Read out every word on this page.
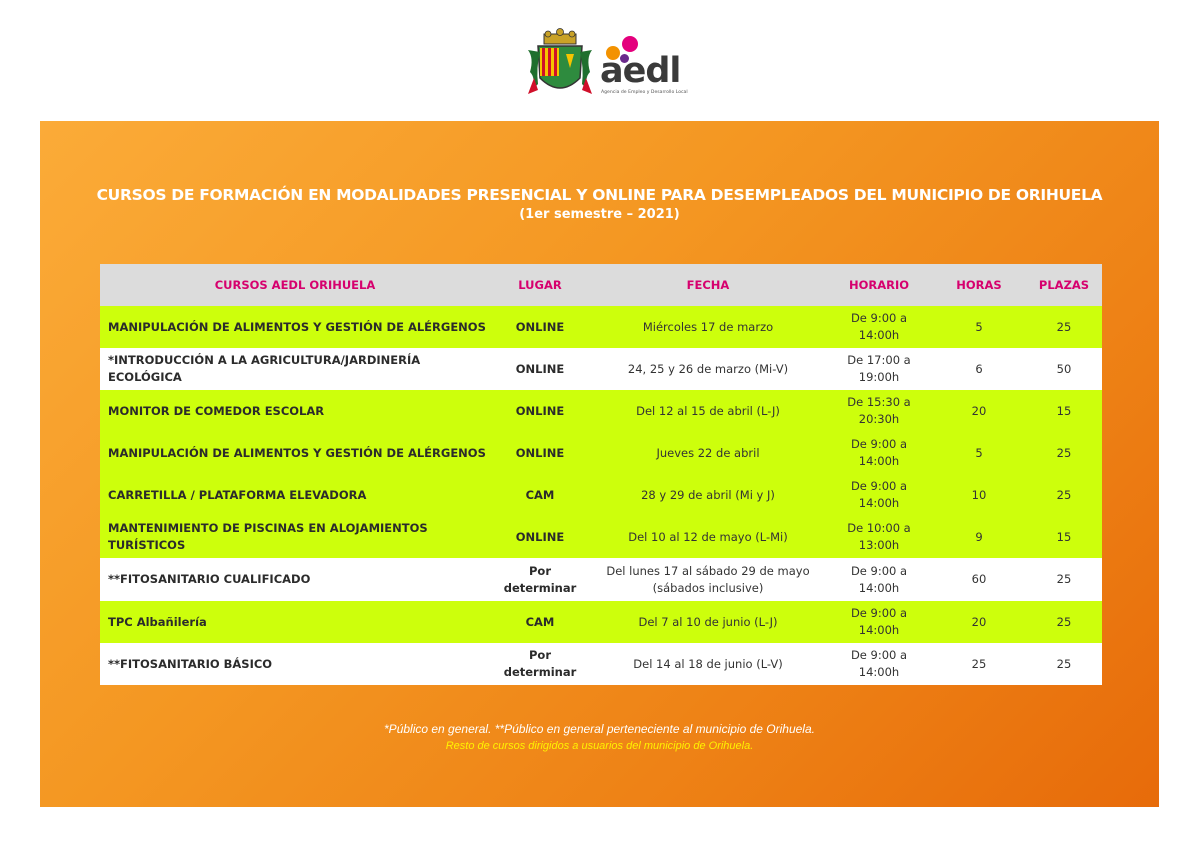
aedl
Agencia de Empleo y Desarrollo Local
CURSOS DE FORMACIÓN EN MODALIDADES PRESENCIAL Y ONLINE PARA DESEMPLEADOS DEL MUNICIPIO DE ORIHUELA
(1er semestre – 2021)
CURSOS AEDL ORIHUELA	LUGAR	FECHA	HORARIO	HORAS	PLAZAS
MANIPULACIÓN DE ALIMENTOS Y GESTIÓN DE ALÉRGENOS	ONLINE	Miércoles 17 de marzo	De 9:00 a 14:00h	5	25
*INTRODUCCIÓN A LA AGRICULTURA/JARDINERÍA ECOLÓGICA	ONLINE	24, 25 y 26 de marzo (Mi-V)	De 17:00 a 19:00h	6	50
MONITOR DE COMEDOR ESCOLAR	ONLINE	Del 12 al 15 de abril (L-J)	De 15:30 a 20:30h	20	15
MANIPULACIÓN DE ALIMENTOS Y GESTIÓN DE ALÉRGENOS	ONLINE	Jueves 22 de abril	De 9:00 a 14:00h	5	25
CARRETILLA / PLATAFORMA ELEVADORA	CAM	28 y 29 de abril (Mi y J)	De 9:00 a 14:00h	10	25
MANTENIMIENTO DE PISCINAS EN ALOJAMIENTOS TURÍSTICOS	ONLINE	Del 10 al 12 de mayo (L-Mi)	De 10:00 a 13:00h	9	15
**FITOSANITARIO CUALIFICADO	Por determinar	Del lunes 17 al sábado 29 de mayo (sábados inclusive)	De 9:00 a 14:00h	60	25
TPC Albañilería	CAM	Del 7 al 10 de junio (L-J)	De 9:00 a 14:00h	20	25
**FITOSANITARIO BÁSICO	Por determinar	Del 14 al 18 de junio (L-V)	De 9:00 a 14:00h	25	25
*Público en general. **Público en general perteneciente al municipio de Orihuela.
Resto de cursos dirigidos a usuarios del municipio de Orihuela.
